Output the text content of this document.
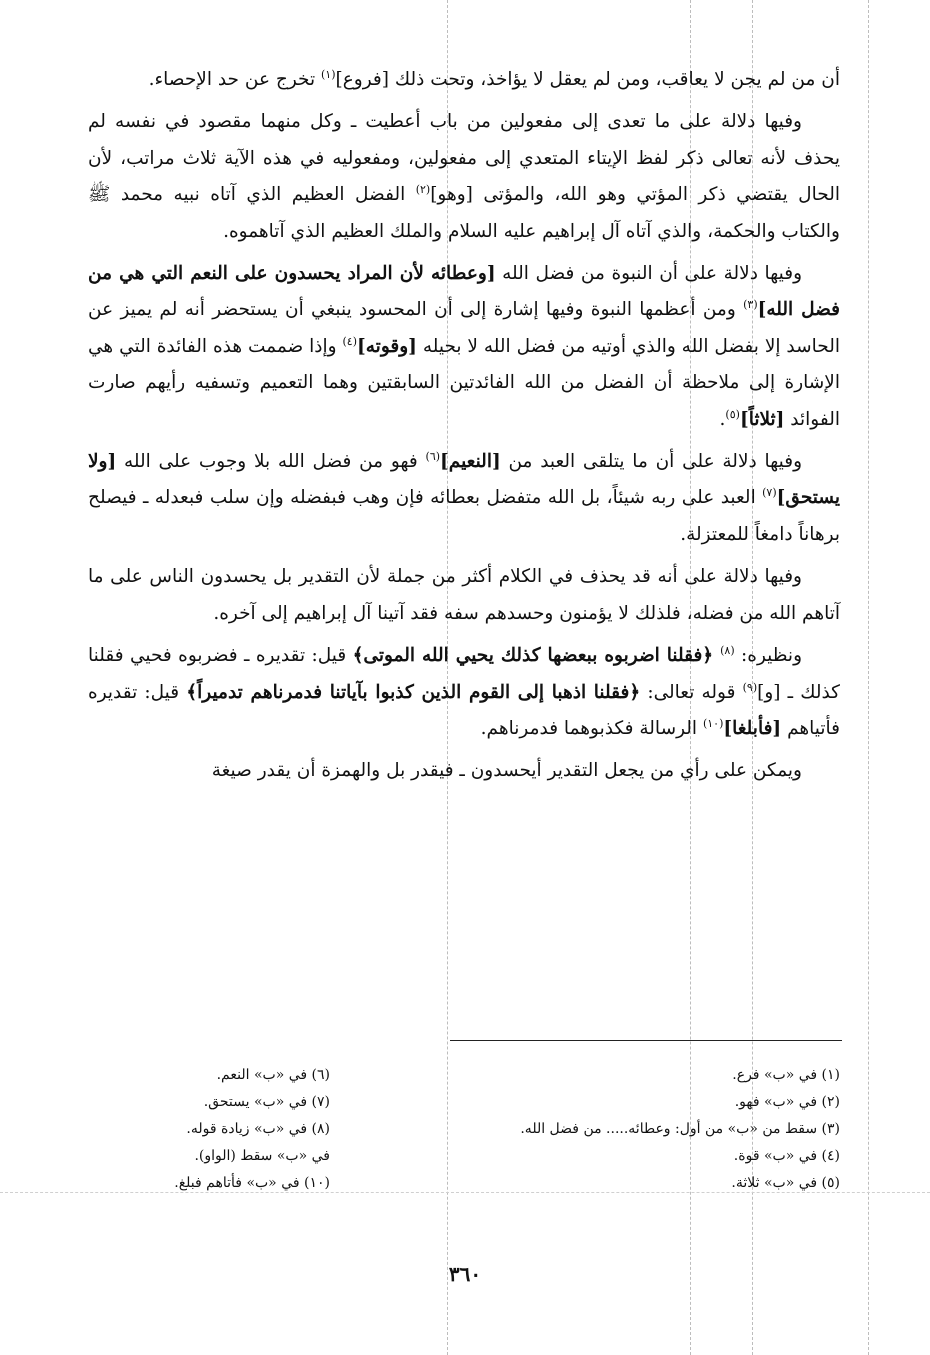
أن من لم يجن لا يعاقب، ومن لم يعقل لا يؤاخذ، وتحت ذلك [فروع]$^{(١)}$ تخرج عن حد الإحصاء.

وفيها دلالة على ما تعدى إلى مفعولين من باب أعطيت ـ وكل منهما مقصود في نفسه لم يحذف لأنه تعالى ذكر لفظ الإيتاء المتعدي إلى مفعولين، ومفعوليه في هذه الآية ثلاث مراتب، لأن الحال يقتضي ذكر المؤتي وهو الله، والمؤتى [وهو]$^{(٢)}$ الفضل العظيم الذي آتاه نبيه محمد ﷺ والكتاب والحكمة، والذي آتاه آل إبراهيم عليه السلام والملك العظيم الذي آتاهموه.

وفيها دلالة على أن النبوة من فضل الله [وعطائه لأن المراد يحسدون على النعم التي هي من فضل الله]$^{(٣)}$ ومن أعظمها النبوة وفيها إشارة إلى أن المحسود ينبغي أن يستحضر أنه لم يميز عن الحاسد إلا بفضل الله والذي أوتيه من فضل الله لا بحيله [وقوته]$^{(٤)}$ وإذا ضممت هذه الفائدة التي هي الإشارة إلى ملاحظة أن الفضل من الله الفائدتين السابقتين وهما التعميم وتسفيه رأيهم صارت الفوائد [ثلاثاً]$^{(٥)}$.

وفيها دلالة على أن ما يتلقى العبد من [النعيم]$^{(٦)}$ فهو من فضل الله بلا وجوب على الله [ولا يستحق]$^{(٧)}$ العبد على ربه شيئاً، بل الله متفضل بعطائه فإن وهب فبفضله وإن سلب فبعدله ـ فيصلح برهاناً دامغاً للمعتزلة.

وفيها دلالة على أنه قد يحذف في الكلام أكثر من جملة لأن التقدير بل يحسدون الناس على ما آتاهم الله من فضله، فلذلك لا يؤمنون وحسدهم سفه فقد آتينا آل إبراهيم إلى آخره.

ونظيره: $^{(٨)}$ ﴿فقلنا اضربوه ببعضها كذلك يحيي الله الموتى﴾ قيل: تقديره ـ فضربوه فحيي فقلنا كذلك ـ [و]$^{(٩)}$ قوله تعالى: ﴿فقلنا اذهبا إلى القوم الذين كذبوا بآياتنا فدمرناهم تدميراً﴾ قيل: تقديره فأتياهم [فأبلغا]$^{(١٠)}$ الرسالة فكذبوهما فدمرناهم.

ويمكن على رأي من يجعل التقدير أيحسدون ـ فيقدر بل والهمزة أن يقدر صيغة

(١) في «ب» فرع.
(٢) في «ب» فهو.
(٣) سقط من «ب» من أول: وعطائه..... من فضل الله.
(٤) في «ب» قوة.
(٥) في «ب» ثلاثة.
(٦) في «ب» النعم.
(٧) في «ب» يستحق.
(٨) في «ب» زيادة قوله.
في «ب» سقط (الواو).
(١٠) في «ب» فأتاهم فبلغ.
٣٦٠
